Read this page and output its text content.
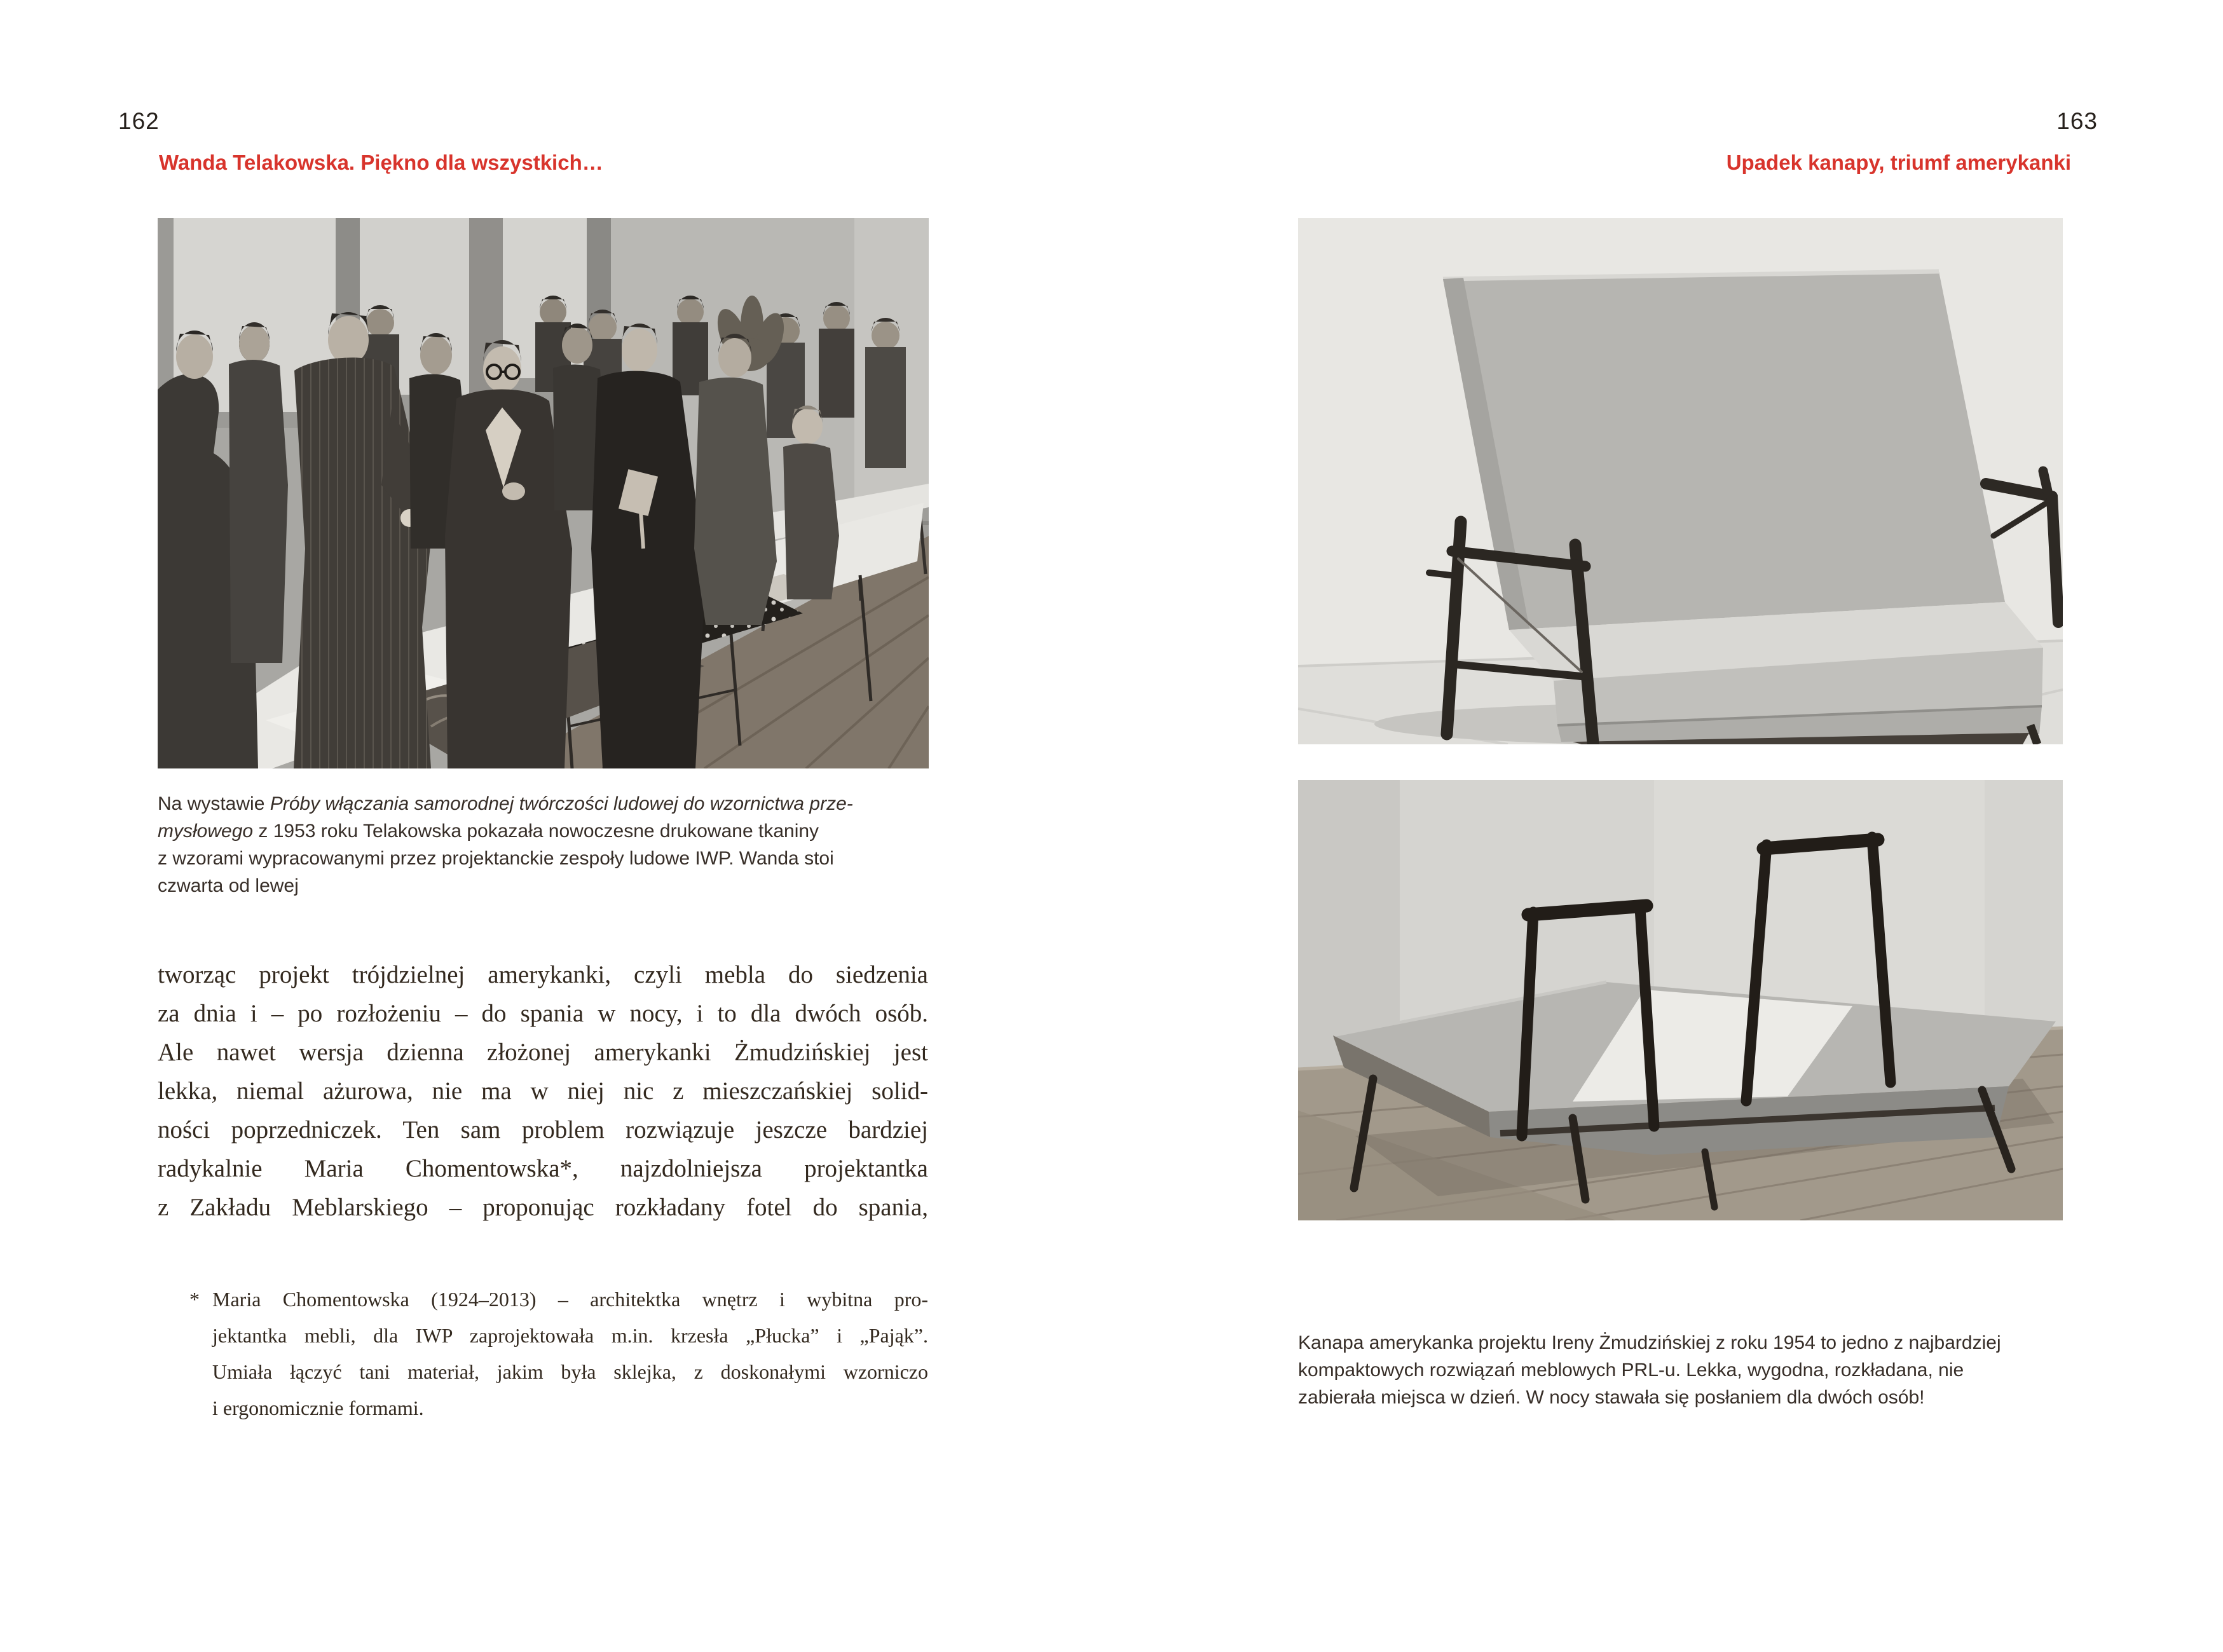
162
Wanda Telakowska. Piękno dla wszystkich…
Na wystawie Próby włączania samorodnej twórczości ludowej do wzornictwa prze-
mysłowego z 1953 roku Telakowska pokazała nowoczesne drukowane tkaniny
z wzorami wypracowanymi przez projektanckie zespoły ludowe IWP. Wanda stoi
czwarta od lewej
tworząc projekt trójdzielnej amerykanki, czyli mebla do siedzenia
za dnia i – po rozłożeniu – do spania w nocy, i to dla dwóch osób.
Ale nawet wersja dzienna złożonej amerykanki Żmudzińskiej jest
lekka, niemal ażurowa, nie ma w niej nic z mieszczańskiej solid-
ności poprzedniczek. Ten sam problem rozwiązuje jeszcze bardziej
radykalnie Maria Chomentowska*, najzdolniejsza projektantka
z Zakładu Meblarskiego – proponując rozkładany fotel do spania,
* Maria Chomentowska (1924–2013) – architektka wnętrz i wybitna pro-
jektantka mebli, dla IWP zaprojektowała m.in. krzesła „Płucka” i „Pająk”.
Umiała łączyć tani materiał, jakim była sklejka, z doskonałymi wzorniczo
i ergonomicznie formami.
163
Upadek kanapy, triumf amerykanki
Kanapa amerykanka projektu Ireny Żmudzińskiej z roku 1954 to jedno z najbardziej
kompaktowych rozwiązań meblowych PRL-u. Lekka, wygodna, rozkładana, nie
zabierała miejsca w dzień. W nocy stawała się posłaniem dla dwóch osób!
